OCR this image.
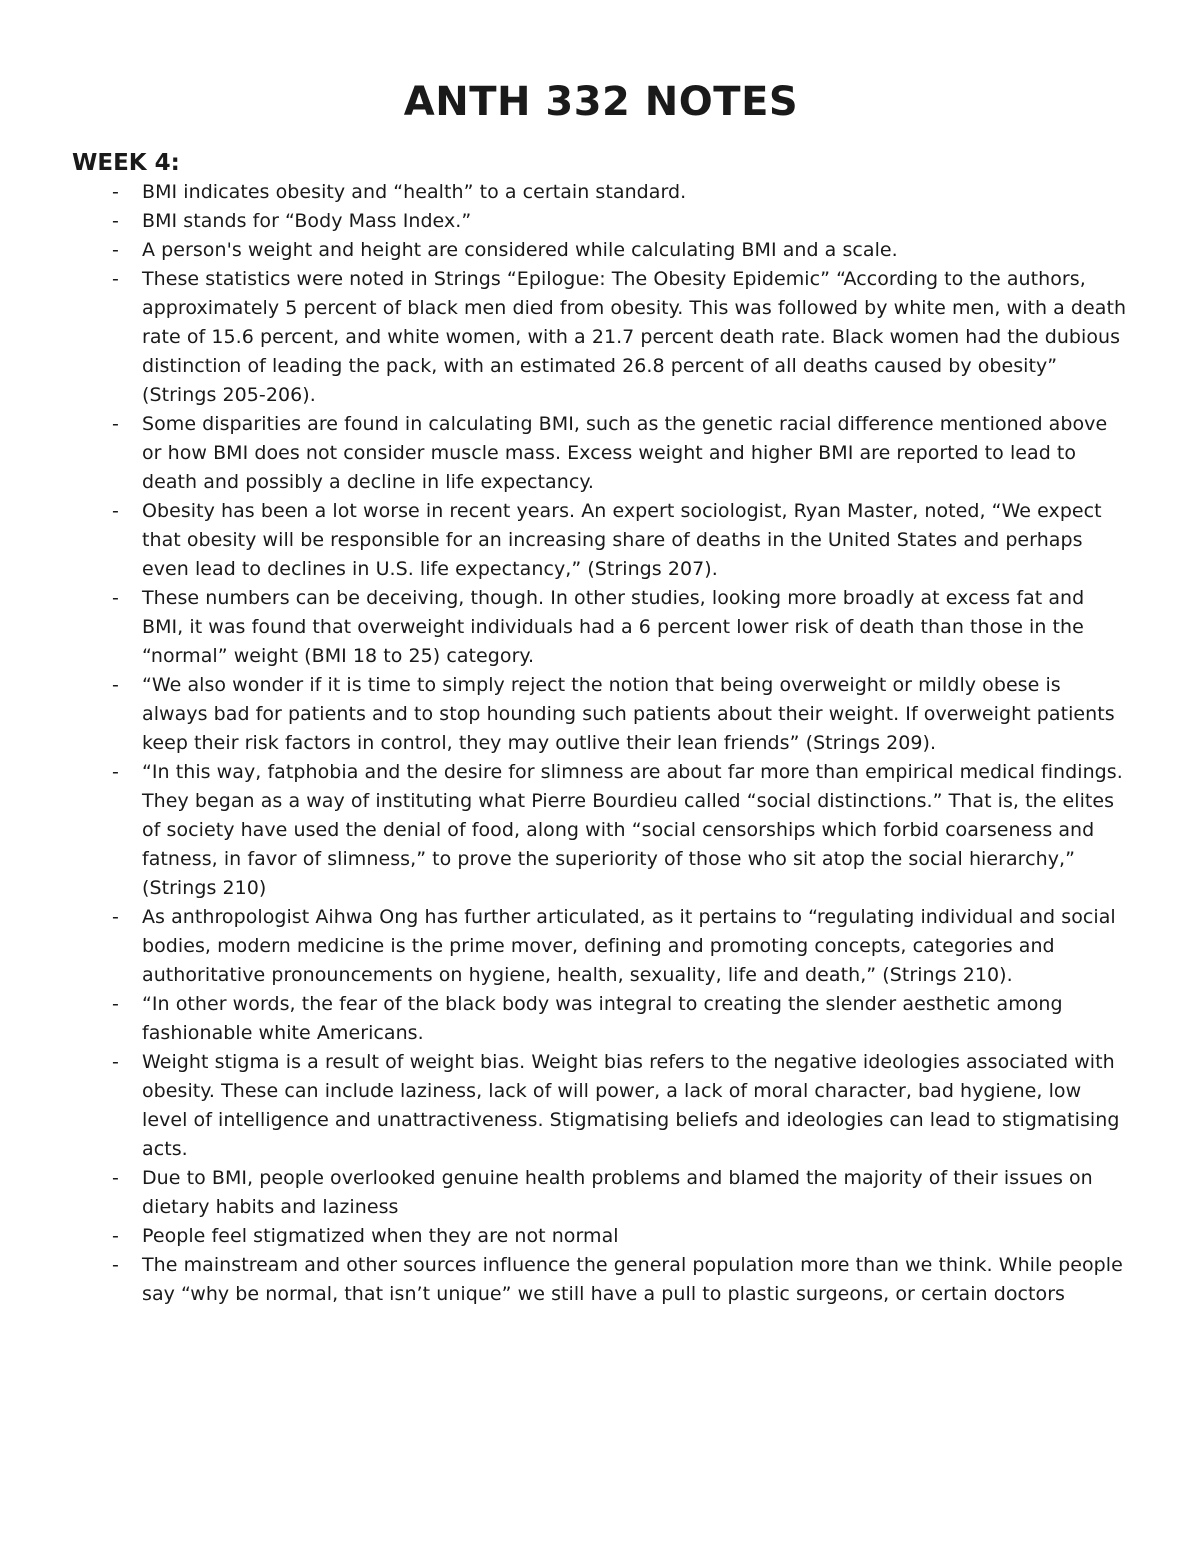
ANTH 332 NOTES
WEEK 4:
- BMI indicates obesity and “health” to a certain standard.
- BMI stands for “Body Mass Index.”
- A person's weight and height are considered while calculating BMI and a scale.
- These statistics were noted in Strings “Epilogue: The Obesity Epidemic” “According to the authors, approximately 5 percent of black men died from obesity. This was followed by white men, with a death rate of 15.6 percent, and white women, with a 21.7 percent death rate. Black women had the dubious distinction of leading the pack, with an estimated 26.8 percent of all deaths caused by obesity” (Strings 205-206).
- Some disparities are found in calculating BMI, such as the genetic racial difference mentioned above or how BMI does not consider muscle mass. Excess weight and higher BMI are reported to lead to death and possibly a decline in life expectancy.
- Obesity has been a lot worse in recent years. An expert sociologist, Ryan Master, noted, “We expect that obesity will be responsible for an increasing share of deaths in the United States and perhaps even lead to declines in U.S. life expectancy,” (Strings 207).
- These numbers can be deceiving, though. In other studies, looking more broadly at excess fat and BMI, it was found that overweight individuals had a 6 percent lower risk of death than those in the “normal” weight (BMI 18 to 25) category.
- “We also wonder if it is time to simply reject the notion that being overweight or mildly obese is always bad for patients and to stop hounding such patients about their weight. If overweight patients keep their risk factors in control, they may outlive their lean friends” (Strings 209).
- “In this way, fatphobia and the desire for slimness are about far more than empirical medical findings. They began as a way of instituting what Pierre Bourdieu called “social distinctions.” That is, the elites of society have used the denial of food, along with “social censorships which forbid coarseness and fatness, in favor of slimness,” to prove the superiority of those who sit atop the social hierarchy,” (Strings 210)
- As anthropologist Aihwa Ong has further articulated, as it pertains to “regulating individual and social bodies, modern medicine is the prime mover, defining and promoting concepts, categories and authoritative pronouncements on hygiene, health, sexuality, life and death,” (Strings 210).
- “In other words, the fear of the black body was integral to creating the slender aesthetic among fashionable white Americans.
- Weight stigma is a result of weight bias. Weight bias refers to the negative ideologies associated with obesity. These can include laziness, lack of will power, a lack of moral character, bad hygiene, low level of intelligence and unattractiveness. Stigmatising beliefs and ideologies can lead to stigmatising acts.
- Due to BMI, people overlooked genuine health problems and blamed the majority of their issues on dietary habits and laziness
- People feel stigmatized when they are not normal
- The mainstream and other sources influence the general population more than we think. While people say “why be normal, that isn’t unique” we still have a pull to plastic surgeons, or certain doctors
